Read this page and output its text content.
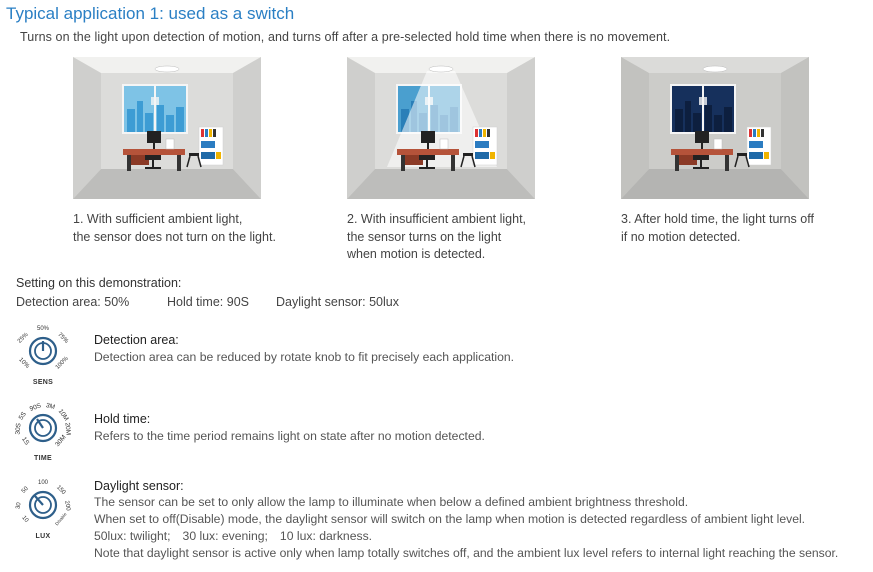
Typical application 1: used as a switch
Turns on the light upon detection of motion, and turns off after a pre-selected hold time when there is no movement.
1. With sufficient ambient light,
the sensor does not turn on the light.
2. With insufficient ambient light,
the sensor turns on the light
when motion is detected.
3. After hold time, the light turns off
if no motion detected.
Setting on this demonstration:
Detection area: 50%	Hold time: 90S Daylight sensor: 50lux
50%
75%
100%
10%
25%
SENS
90S 3M
10M
20M
30M
5S
30S
1S
TIME
100
150
200
Disable
50
30
10
LUX
Detection area:
Detection area can be reduced by rotate knob to fit precisely each application.
Hold time:
Refers to the time period remains light on state after no motion detected.
Daylight sensor:
The sensor can be set to only allow the lamp to illuminate when below a defined ambient brightness threshold.
When set to off(Disable) mode, the daylight sensor will switch on the lamp when motion is detected regardless of ambient light level.
50lux: twilight; 30 lux: evening; 10 lux: darkness.
Note that daylight sensor is active only when lamp totally switches off, and the ambient lux level refers to internal light reaching the sensor.
